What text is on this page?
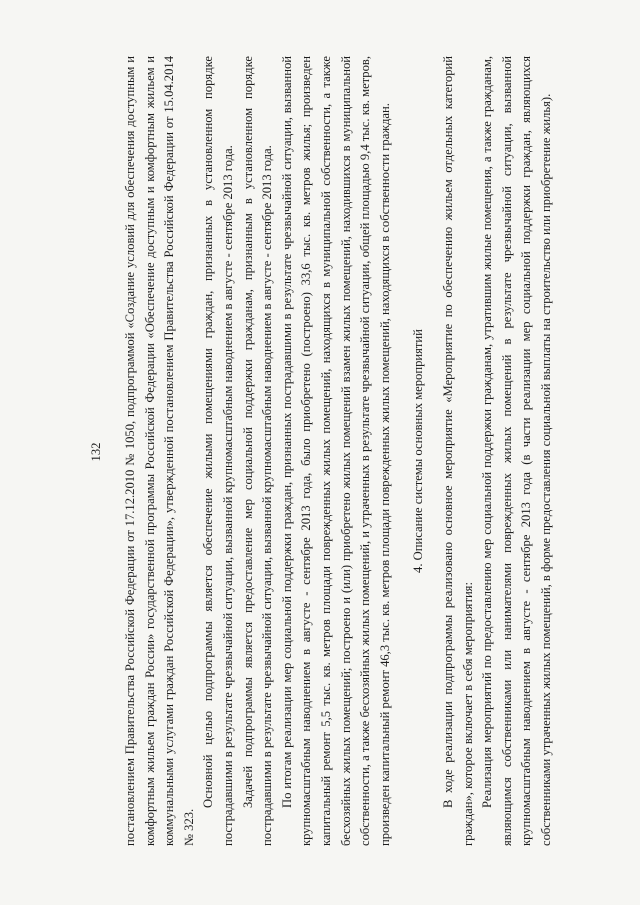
132 постановлением Правительства Российской Федерации от 17.12.2010 № 1050, подпрограммой «Создание условий для обеспечения доступным и комфортным жильем граждан России» государственной программы Российской Федерации «Обеспечение доступным и комфортным жильем и коммунальными услугами граждан Российской Федерации», утвержденной постановлением Правительства Российской Федерации от 15.04.2014 № 323.

Основной целью подпрограммы является обеспечение жилыми помещениями граждан, признанных в установленном порядке пострадавшими в результате чрезвычайной ситуации, вызванной крупномасштабным наводнением в августе - сентябре 2013 года. Задачей подпрограммы является предоставление мер социальной поддержки гражданам, признанным в установленном порядке пострадавшими в результате чрезвычайной ситуации, вызванной крупномасштабным наводнением в августе - сентябре 2013 года. По итогам реализации мер социальной поддержки граждан, признанных пострадавшими в результате чрезвычайной ситуации, вызванной крупномасштабным наводнением в августе - сентябре 2013 года, было приобретено (построено) 33,6 тыс. кв. метров жилья; произведен капитальный ремонт 5,5 тыс. кв. метров площади поврежденных жилых помещений, находящихся в муниципальной собственности, а также бесхозяйных жилых помещений; построено и (или) приобретено жилых помещений взамен жилых помещений, находившихся в муниципальной собственности, а также бесхозяйных жилых помещений, и утраченных в результате чрезвычайной ситуации, общей площадью 9,4 тыс. кв. метров, произведен капитальный ремонт 46,3 тыс. кв. метров площади поврежденных жилых помещений, находящихся в собственности граждан. 4. Описание системы основных мероприятий В ходе реализации подпрограммы реализовано основное мероприятие «Мероприятие по обеспечению жильем отдельных категорий граждан», которое включает в себя мероприятия: Реализация мероприятий по предоставлению мер социальной поддержки гражданам, утратившим жилые помещения, а также гражданам, являющимся собственниками или нанимателями поврежденных жилых помещений в результате чрезвычайной ситуации, вызванной крупномасштабным наводнением в августе - сентябре 2013 года (в части реализации мер социальной поддержки граждан, являющихся собственниками утраченных жилых помещений, в форме предоставления социальной выплаты на строительство или приобретение жилья).
